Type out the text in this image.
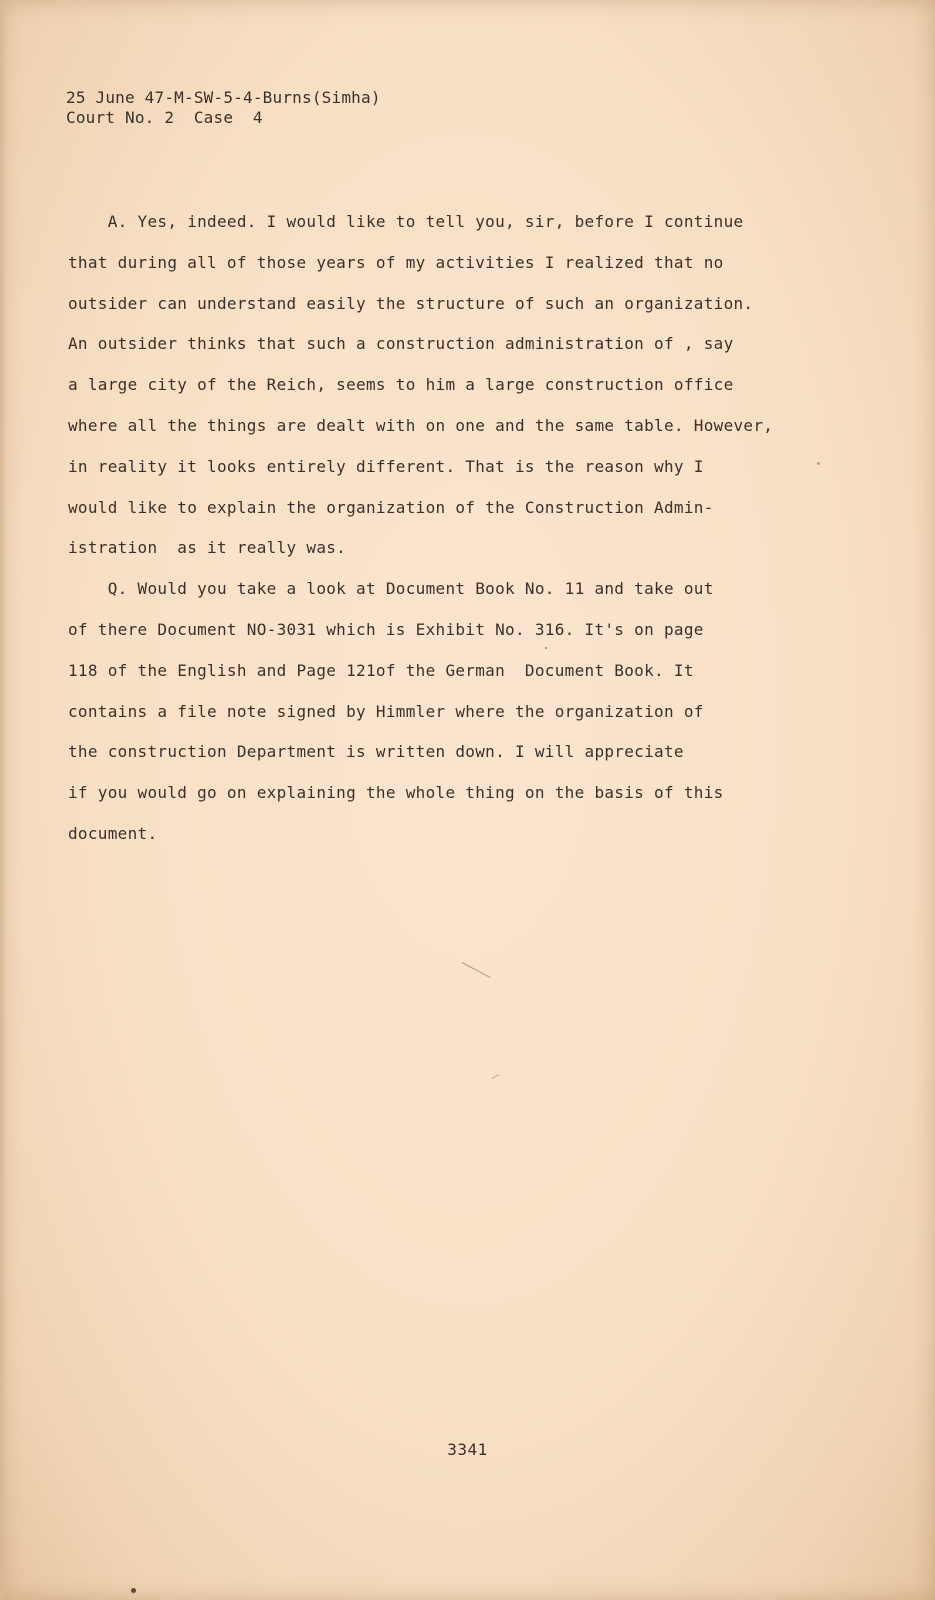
25 June 47-M-SW-5-4-Burns(Simha)
Court No. 2  Case  4
A. Yes, indeed. I would like to tell you, sir, before I continue
that during all of those years of my activities I realized that no
outsider can understand easily the structure of such an organization.
An outsider thinks that such a construction administration of , say
a large city of the Reich, seems to him a large construction office
where all the things are dealt with on one and the same table. However,
in reality it looks entirely different. That is the reason why I
would like to explain the organization of the Construction Admin-
istration  as it really was.
Q. Would you take a look at Document Book No. 11 and take out
of there Document NO-3031 which is Exhibit No. 316. It's on page
118 of the English and Page 121of the German  Document Book. It
contains a file note signed by Himmler where the organization of
the construction Department is written down. I will appreciate
if you would go on explaining the whole thing on the basis of this
document.
3341
